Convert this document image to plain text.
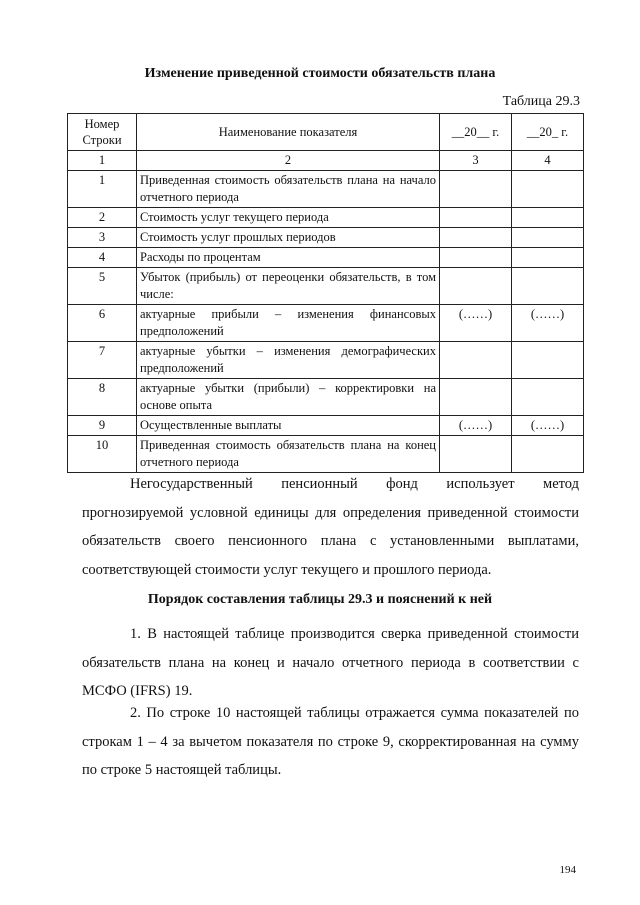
Изменение приведенной стоимости обязательств плана
Таблица 29.3
Номер Строки	Наименование показателя	__20__ г.	__20_ г.
1	2	3	4
1	Приведенная стоимость обязательств плана на начало отчетного периода		
2	Стоимость услуг текущего периода		
3	Стоимость услуг прошлых периодов		
4	Расходы по процентам		
5	Убыток (прибыль) от переоценки обязательств, в том числе:		
6	актуарные прибыли – изменения финансовых предположений	(……)	(……)
7	актуарные убытки – изменения демографических предположений		
8	актуарные убытки (прибыли) – корректировки на основе опыта		
9	Осуществленные выплаты	(……)	(……)
10	Приведенная стоимость обязательств плана на конец отчетного периода		

Негосударственный пенсионный фонд использует метод прогнозируемой условной единицы для определения приведенной стоимости обязательств своего пенсионного плана с установленными выплатами, соответствующей стоимости услуг текущего и прошлого периода.

Порядок составления таблицы 29.3 и пояснений к ней

1. В настоящей таблице производится сверка приведенной стоимости обязательств плана на конец и начало отчетного периода в соответствии с МСФО (IFRS) 19.

2. По строке 10 настоящей таблицы отражается сумма показателей по строкам 1 – 4 за вычетом показателя по строке 9, скорректированная на сумму по строке 5 настоящей таблицы.

194
